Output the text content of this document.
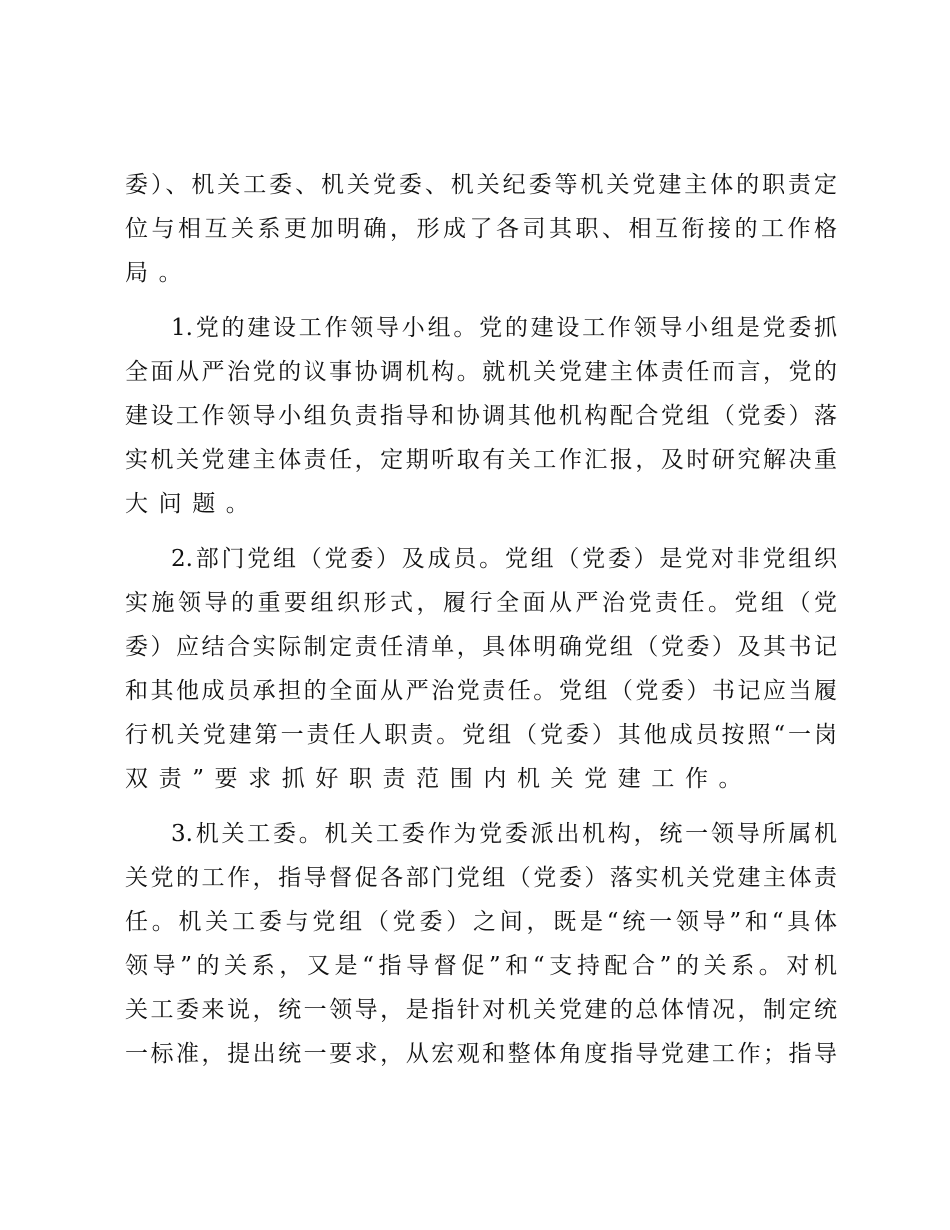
委）、机关工委、机关党委、机关纪委等机关党建主体的职责定
位与相互关系更加明确，形成了各司其职、相互衔接的工作格
局。
1.党的建设工作领导小组。党的建设工作领导小组是党委抓
全面从严治党的议事协调机构。就机关党建主体责任而言，党的
建设工作领导小组负责指导和协调其他机构配合党组（党委）落
实机关党建主体责任，定期听取有关工作汇报，及时研究解决重
大问题。
2.部门党组（党委）及成员。党组（党委）是党对非党组织
实施领导的重要组织形式，履行全面从严治党责任。党组（党
委）应结合实际制定责任清单，具体明确党组（党委）及其书记
和其他成员承担的全面从严治党责任。党组（党委）书记应当履
行机关党建第一责任人职责。党组（党委）其他成员按照“一岗
双责”要求抓好职责范围内机关党建工作。
3.机关工委。机关工委作为党委派出机构，统一领导所属机
关党的工作，指导督促各部门党组（党委）落实机关党建主体责
任。机关工委与党组（党委）之间，既是“统一领导”和“具体
领导”的关系，又是“指导督促”和“支持配合”的关系。对机
关工委来说，统一领导，是指针对机关党建的总体情况，制定统
一标准，提出统一要求，从宏观和整体角度指导党建工作；指导
